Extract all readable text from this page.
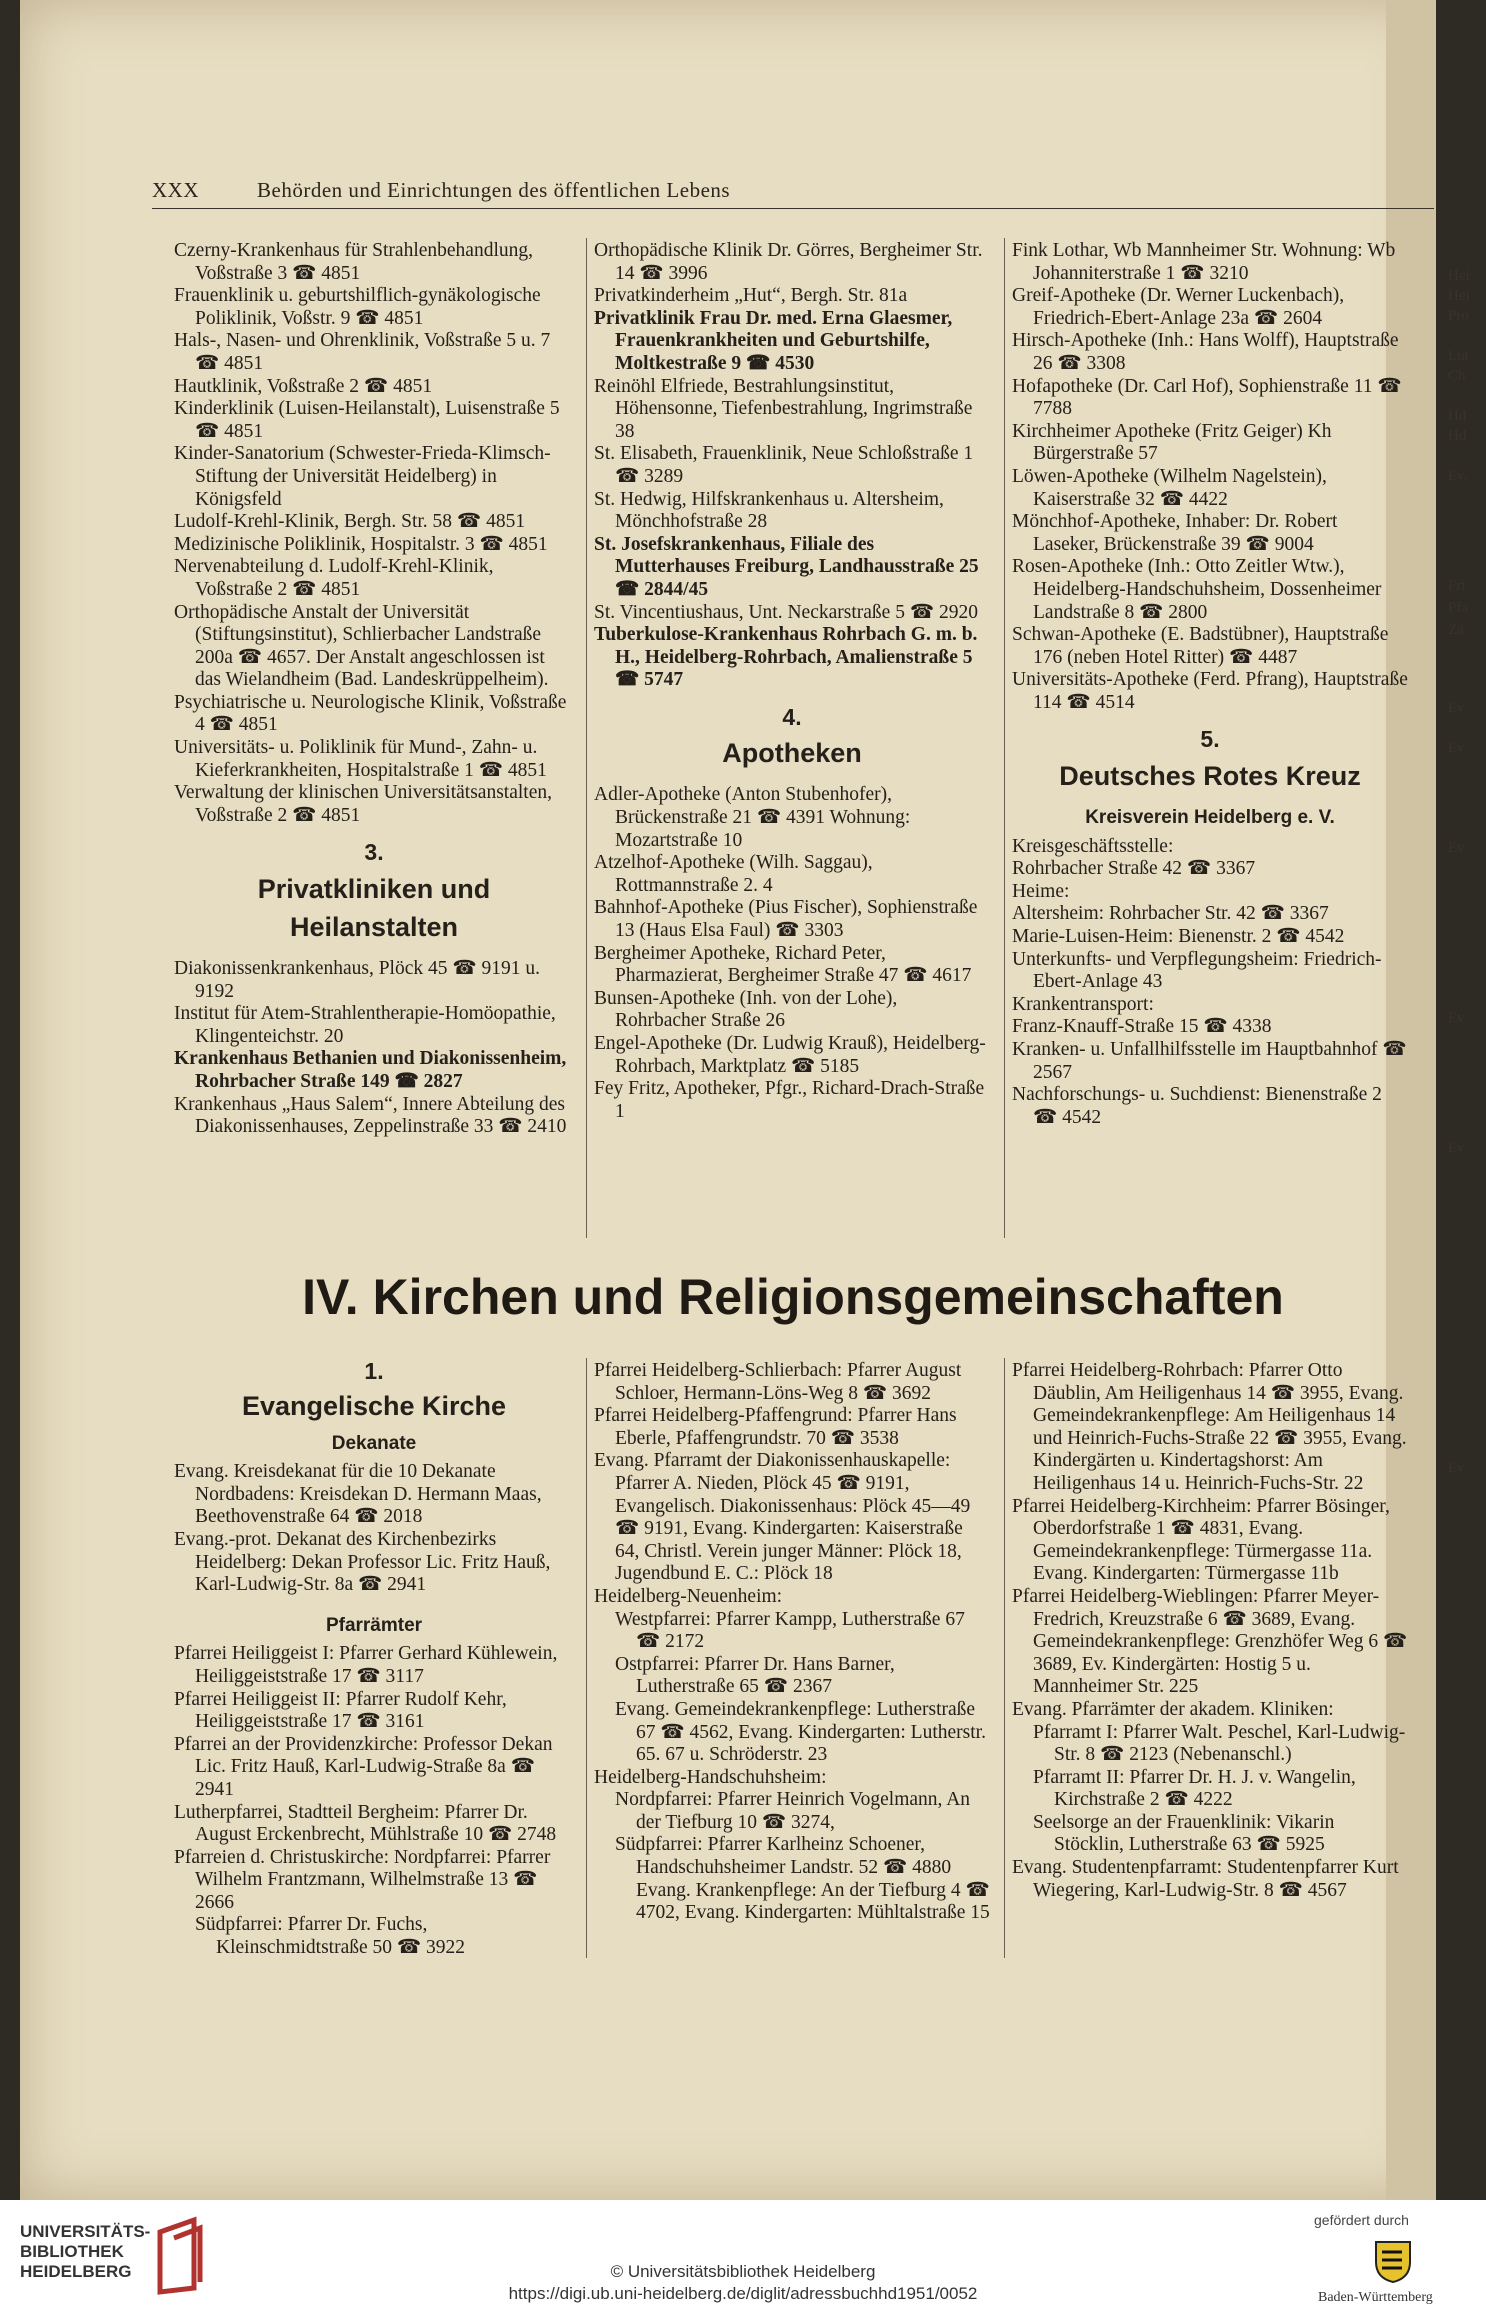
XXX	Behörden und Einrichtungen des öffentlichen Lebens
Czerny-Krankenhaus für Strahlenbehandlung, Voßstraße 3 ☎ 4851
Frauenklinik u. geburtshilflich-gynäkologische Poliklinik, Voßstr. 9 ☎ 4851
Hals-, Nasen- und Ohrenklinik, Voßstraße 5 u. 7 ☎ 4851
Hautklinik, Voßstraße 2 ☎ 4851
Kinderklinik (Luisen-Heilanstalt), Luisenstraße 5 ☎ 4851
Kinder-Sanatorium (Schwester-Frieda-Klimsch-Stiftung der Universität Heidelberg) in Königsfeld
Ludolf-Krehl-Klinik, Bergh. Str. 58 ☎ 4851
Medizinische Poliklinik, Hospitalstr. 3 ☎ 4851
Nervenabteilung d. Ludolf-Krehl-Klinik, Voßstraße 2 ☎ 4851
Orthopädische Anstalt der Universität (Stiftungsinstitut), Schlierbacher Landstraße 200a ☎ 4657. Der Anstalt angeschlossen ist das Wielandheim (Bad. Landeskrüppelheim).
Psychiatrische u. Neurologische Klinik, Voßstraße 4 ☎ 4851
Universitäts- u. Poliklinik für Mund-, Zahn- u. Kieferkrankheiten, Hospitalstraße 1 ☎ 4851
Verwaltung der klinischen Universitätsanstalten, Voßstraße 2 ☎ 4851
3.
Privatkliniken und
Heilanstalten
Diakonissenkrankenhaus, Plöck 45 ☎ 9191 u. 9192
Institut für Atem-Strahlentherapie-Homöopathie, Klingenteichstr. 20
Krankenhaus Bethanien und Diakonissenheim, Rohrbacher Straße 149 ☎ 2827
Krankenhaus „Haus Salem“, Innere Abteilung des Diakonissenhauses, Zeppelinstraße 33 ☎ 2410
Orthopädische Klinik Dr. Görres, Bergheimer Str. 14 ☎ 3996
Privatkinderheim „Hut“, Bergh. Str. 81a
Privatklinik Frau Dr. med. Erna Glaesmer, Frauenkrankheiten und Geburtshilfe, Moltkestraße 9 ☎ 4530
Reinöhl Elfriede, Bestrahlungsinstitut, Höhensonne, Tiefenbestrahlung, Ingrimstraße 38
St. Elisabeth, Frauenklinik, Neue Schloßstraße 1 ☎ 3289
St. Hedwig, Hilfskrankenhaus u. Altersheim, Mönchhofstraße 28
St. Josefskrankenhaus, Filiale des Mutterhauses Freiburg, Landhausstraße 25 ☎ 2844/45
St. Vincentiushaus, Unt. Neckarstraße 5 ☎ 2920
Tuberkulose-Krankenhaus Rohrbach G. m. b. H., Heidelberg-Rohrbach, Amalienstraße 5 ☎ 5747
4.
Apotheken
Adler-Apotheke (Anton Stubenhofer), Brückenstraße 21 ☎ 4391 Wohnung: Mozartstraße 10
Atzelhof-Apotheke (Wilh. Saggau), Rottmannstraße 2. 4
Bahnhof-Apotheke (Pius Fischer), Sophienstraße 13 (Haus Elsa Faul) ☎ 3303
Bergheimer Apotheke, Richard Peter, Pharmazierat, Bergheimer Straße 47 ☎ 4617
Bunsen-Apotheke (Inh. von der Lohe), Rohrbacher Straße 26
Engel-Apotheke (Dr. Ludwig Krauß), Heidelberg-Rohrbach, Marktplatz ☎ 5185
Fey Fritz, Apotheker, Pfgr., Richard-Drach-Straße 1
Fink Lothar, Wb Mannheimer Str. Wohnung: Wb Johanniterstraße 1 ☎ 3210
Greif-Apotheke (Dr. Werner Luckenbach), Friedrich-Ebert-Anlage 23a ☎ 2604
Hirsch-Apotheke (Inh.: Hans Wolff), Hauptstraße 26 ☎ 3308
Hofapotheke (Dr. Carl Hof), Sophienstraße 11 ☎ 7788
Kirchheimer Apotheke (Fritz Geiger) Kh Bürgerstraße 57
Löwen-Apotheke (Wilhelm Nagelstein), Kaiserstraße 32 ☎ 4422
Mönchhof-Apotheke, Inhaber: Dr. Robert Laseker, Brückenstraße 39 ☎ 9004
Rosen-Apotheke (Inh.: Otto Zeitler Wtw.), Heidelberg-Handschuhsheim, Dossenheimer Landstraße 8 ☎ 2800
Schwan-Apotheke (E. Badstübner), Hauptstraße 176 (neben Hotel Ritter) ☎ 4487
Universitäts-Apotheke (Ferd. Pfrang), Hauptstraße 114 ☎ 4514
5.
Deutsches Rotes Kreuz
Kreisverein Heidelberg e. V.
Kreisgeschäftsstelle:
Rohrbacher Straße 42 ☎ 3367
Heime:
Altersheim: Rohrbacher Str. 42 ☎ 3367
Marie-Luisen-Heim: Bienenstr. 2 ☎ 4542
Unterkunfts- und Verpflegungsheim: Friedrich-Ebert-Anlage 43
Krankentransport:
Franz-Knauff-Straße 15 ☎ 4338
Kranken- u. Unfallhilfsstelle im Hauptbahnhof ☎ 2567
Nachforschungs- u. Suchdienst: Bienenstraße 2 ☎ 4542
IV. Kirchen und Religionsgemeinschaften
1.
Evangelische Kirche
Dekanate
Evang. Kreisdekanat für die 10 Dekanate Nordbadens: Kreisdekan D. Hermann Maas, Beethovenstraße 64 ☎ 2018
Evang.-prot. Dekanat des Kirchenbezirks Heidelberg: Dekan Professor Lic. Fritz Hauß, Karl-Ludwig-Str. 8a ☎ 2941
Pfarrämter
Pfarrei Heiliggeist I: Pfarrer Gerhard Kühlewein, Heiliggeiststraße 17 ☎ 3117
Pfarrei Heiliggeist II: Pfarrer Rudolf Kehr, Heiliggeiststraße 17 ☎ 3161
Pfarrei an der Providenzkirche: Professor Dekan Lic. Fritz Hauß, Karl-Ludwig-Straße 8a ☎ 2941
Lutherpfarrei, Stadtteil Bergheim: Pfarrer Dr. August Erckenbrecht, Mühlstraße 10 ☎ 2748
Pfarreien d. Christuskirche: Nordpfarrei: Pfarrer Wilhelm Frantzmann, Wilhelmstraße 13 ☎ 2666
Südpfarrei: Pfarrer Dr. Fuchs, Kleinschmidtstraße 50 ☎ 3922
Pfarrei Heidelberg-Schlierbach: Pfarrer August Schloer, Hermann-Löns-Weg 8 ☎ 3692
Pfarrei Heidelberg-Pfaffengrund: Pfarrer Hans Eberle, Pfaffengrundstr. 70 ☎ 3538
Evang. Pfarramt der Diakonissenhauskapelle: Pfarrer A. Nieden, Plöck 45 ☎ 9191, Evangelisch. Diakonissenhaus: Plöck 45—49 ☎ 9191, Evang. Kindergarten: Kaiserstraße 64, Christl. Verein junger Männer: Plöck 18, Jugendbund E. C.: Plöck 18
Heidelberg-Neuenheim:
Westpfarrei: Pfarrer Kampp, Lutherstraße 67 ☎ 2172
Ostpfarrei: Pfarrer Dr. Hans Barner, Lutherstraße 65 ☎ 2367
Evang. Gemeindekrankenpflege: Lutherstraße 67 ☎ 4562, Evang. Kindergarten: Lutherstr. 65. 67 u. Schröderstr. 23
Heidelberg-Handschuhsheim:
Nordpfarrei: Pfarrer Heinrich Vogelmann, An der Tiefburg 10 ☎ 3274,
Südpfarrei: Pfarrer Karlheinz Schoener, Handschuhsheimer Landstr. 52 ☎ 4880 Evang. Krankenpflege: An der Tiefburg 4 ☎ 4702, Evang. Kindergarten: Mühltalstraße 15
Pfarrei Heidelberg-Rohrbach: Pfarrer Otto Däublin, Am Heiligenhaus 14 ☎ 3955, Evang. Gemeindekrankenpflege: Am Heiligenhaus 14 und Heinrich-Fuchs-Straße 22 ☎ 3955, Evang. Kindergärten u. Kindertagshorst: Am Heiligenhaus 14 u. Heinrich-Fuchs-Str. 22
Pfarrei Heidelberg-Kirchheim: Pfarrer Bösinger, Oberdorfstraße 1 ☎ 4831, Evang. Gemeindekrankenpflege: Türmergasse 11a. Evang. Kindergarten: Türmergasse 11b
Pfarrei Heidelberg-Wieblingen: Pfarrer Meyer-Fredrich, Kreuzstraße 6 ☎ 3689, Evang. Gemeindekrankenpflege: Grenzhöfer Weg 6 ☎ 3689, Ev. Kindergärten: Hostig 5 u. Mannheimer Str. 225
Evang. Pfarrämter der akadem. Kliniken:
Pfarramt I: Pfarrer Walt. Peschel, Karl-Ludwig-Str. 8 ☎ 2123 (Nebenanschl.)
Pfarramt II: Pfarrer Dr. H. J. v. Wangelin, Kirchstraße 2 ☎ 4222
Seelsorge an der Frauenklinik: Vikarin Stöcklin, Lutherstraße 63 ☎ 5925
Evang. Studentenpfarramt: Studentenpfarrer Kurt Wiegering, Karl-Ludwig-Str. 8 ☎ 4567
Hei
Hei
Pro
Lut
Ch
Hd
Hd
Ev.
Fri
Pfa
Zä
Ev
Ev
Ev
Ev
Ev
Ev
UNIVERSITÄTS-
BIBLIOTHEK
HEIDELBERG	© Universitätsbibliothek Heidelberg
https://digi.ub.uni-heidelberg.de/diglit/adressbuchhd1951/0052
gefördert durch
Baden-Württemberg
